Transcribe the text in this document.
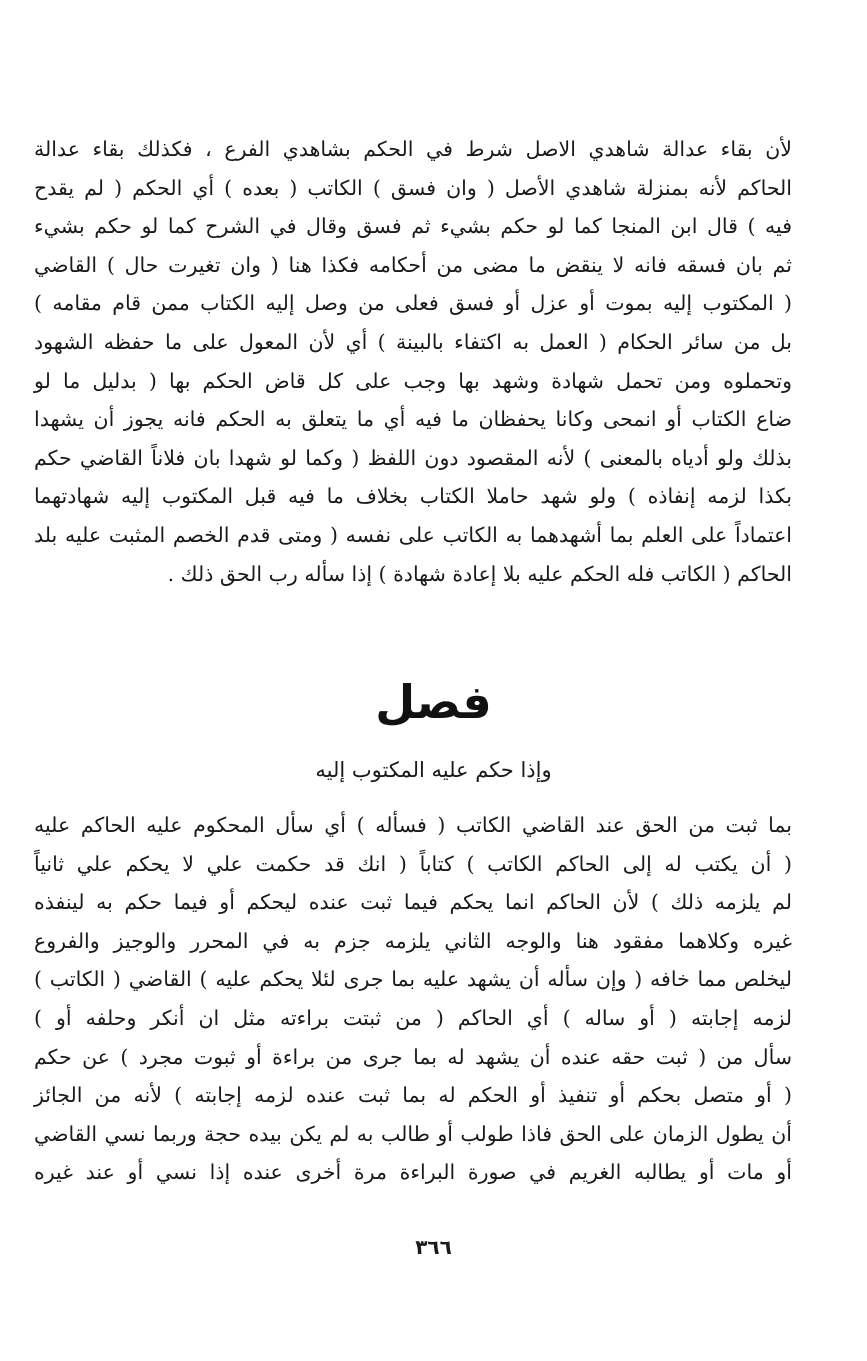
لأن بقاء عدالة شاهدي الاصل شرط في الحكم بشاهدي الفرع ، فكذلك بقاء عدالة
الحاكم لأنه بمنزلة شاهدي الأصل ( وان فسق ) الكاتب ( بعده ) أي الحكم ( لم يقدح
فيه ) قال ابن المنجا كما لو حكم بشيء ثم فسق وقال في الشرح كما لو حكم بشيء
ثم بان فسقه فانه لا ينقض ما مضى من أحكامه فكذا هنا ( وان تغيرت حال ) القاضي
( المكتوب إليه بموت أو عزل أو فسق فعلى من وصل إليه الكتاب ممن قام مقامه )
بل من سائر الحكام ( العمل به اكتفاء بالبينة ) أي لأن المعول على ما حفظه الشهود
وتحملوه ومن تحمل شهادة وشهد بها وجب على كل قاض الحكم بها ( بدليل ما لو
ضاع الكتاب أو انمحى وكانا يحفظان ما فيه أي ما يتعلق به الحكم فانه يجوز أن يشهدا
بذلك ولو أدياه بالمعنى ) لأنه المقصود دون اللفظ ( وكما لو شهدا بان فلاناً القاضي حكم
بكذا لزمه إنفاذه ) ولو شهد حاملا الكتاب بخلاف ما فيه قبل المكتوب إليه شهادتهما
اعتماداً على العلم بما أشهدهما به الكاتب على نفسه ( ومتى قدم الخصم المثبت عليه بلد
الحاكم ( الكاتب فله الحكم عليه بلا إعادة شهادة ) إذا سأله رب الحق ذلك .

فصل
وإذا حكم عليه المكتوب إليه

بما ثبت من الحق عند القاضي الكاتب ( فسأله ) أي سأل المحكوم عليه الحاكم عليه
( أن يكتب له إلى الحاكم الكاتب ) كتاباً ( انك قد حكمت علي لا يحكم علي ثانياً
لم يلزمه ذلك ) لأن الحاكم انما يحكم فيما ثبت عنده ليحكم أو فيما حكم به لينفذه
غيره وكلاهما مفقود هنا والوجه الثاني يلزمه جزم به في المحرر والوجيز والفروع
ليخلص مما خافه ( وإن سأله أن يشهد عليه بما جرى لئلا يحكم عليه ) القاضي ( الكاتب )
لزمه إجابته ( أو ساله ) أي الحاكم ( من ثبتت براءته مثل ان أنكر وحلفه أو )
سأل من ( ثبت حقه عنده أن يشهد له بما جرى من براءة أو ثبوت مجرد ) عن حكم
( أو متصل بحكم أو تنفيذ أو الحكم له بما ثبت عنده لزمه إجابته ) لأنه من الجائز
أن يطول الزمان على الحق فاذا طولب أو طالب به لم يكن بيده حجة وربما نسي القاضي
أو مات أو يطالبه الغريم في صورة البراءة مرة أخرى عنده إذا نسي أو عند غيره

٣٦٦
